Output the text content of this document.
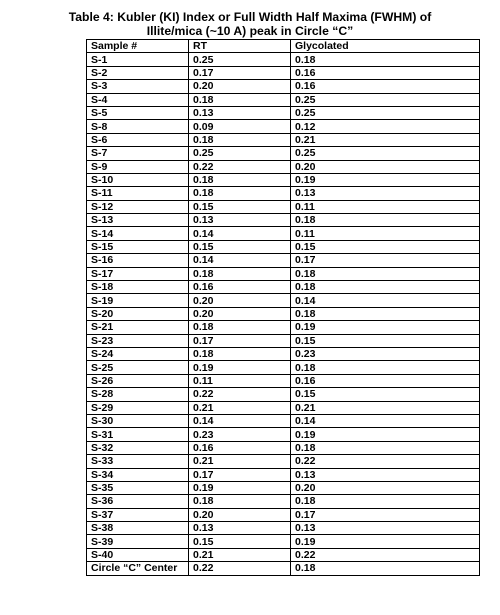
Table 4: Kubler (KI) Index or Full Width Half Maxima (FWHM) of
Illite/mica (~10 A) peak in Circle “C”
Sample #	RT	Glycolated
S-1	0.25	0.18
S-2	0.17	0.16
S-3	0.20	0.16
S-4	0.18	0.25
S-5	0.13	0.25
S-8	0.09	0.12
S-6	0.18	0.21
S-7	0.25	0.25
S-9	0.22	0.20
S-10	0.18	0.19
S-11	0.18	0.13
S-12	0.15	0.11
S-13	0.13	0.18
S-14	0.14	0.11
S-15	0.15	0.15
S-16	0.14	0.17
S-17	0.18	0.18
S-18	0.16	0.18
S-19	0.20	0.14
S-20	0.20	0.18
S-21	0.18	0.19
S-23	0.17	0.15
S-24	0.18	0.23
S-25	0.19	0.18
S-26	0.11	0.16
S-28	0.22	0.15
S-29	0.21	0.21
S-30	0.14	0.14
S-31	0.23	0.19
S-32	0.16	0.18
S-33	0.21	0.22
S-34	0.17	0.13
S-35	0.19	0.20
S-36	0.18	0.18
S-37	0.20	0.17
S-38	0.13	0.13
S-39	0.15	0.19
S-40	0.21	0.22
Circle “C” Center	0.22	0.18
